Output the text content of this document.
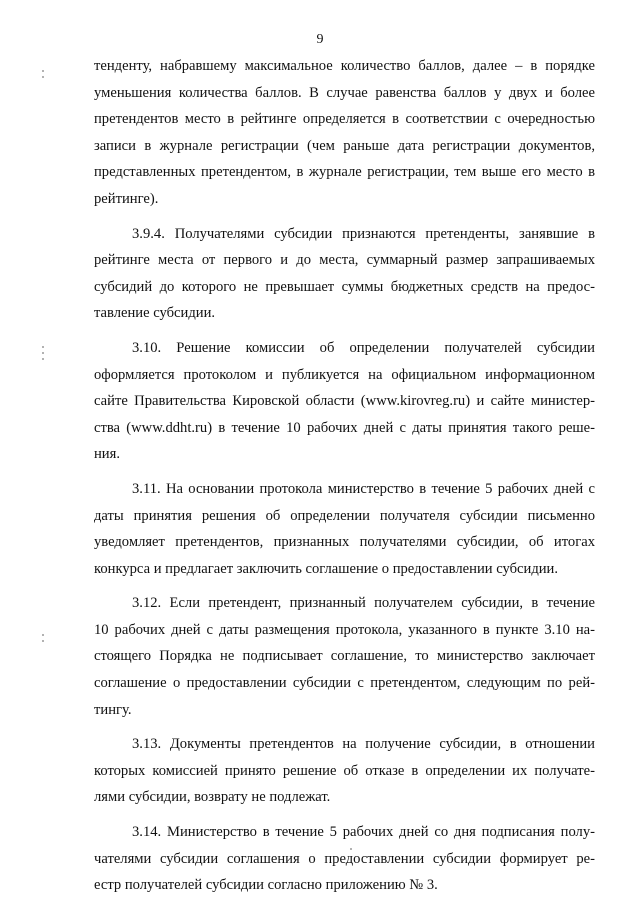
9
тенденту, набравшему максимальное количество баллов, далее – в порядке
уменьшения количества баллов. В случае равенства баллов у двух и более
претендентов место в рейтинге определяется в соответствии с очередностью
записи в журнале регистрации (чем раньше дата регистрации документов,
представленных претендентом, в журнале регистрации, тем выше его место в
рейтинге).
3.9.4. Получателями субсидии признаются претенденты, занявшие в
рейтинге места от первого и до места, суммарный размер запрашиваемых
субсидий до которого не превышает суммы бюджетных средств на предос-
тавление субсидии.
3.10. Решение комиссии об определении получателей субсидии
оформляется протоколом и публикуется на официальном информационном
сайте Правительства Кировской области (www.kirovreg.ru) и сайте министер-
ства (www.ddht.ru) в течение 10 рабочих дней с даты принятия такого реше-
ния.
3.11. На основании протокола министерство в течение 5 рабочих дней с
даты принятия решения об определении получателя субсидии письменно
уведомляет претендентов, признанных получателями субсидии, об итогах
конкурса и предлагает заключить соглашение о предоставлении субсидии.
3.12. Если претендент, признанный получателем субсидии, в течение
10 рабочих дней с даты размещения протокола, указанного в пункте 3.10 на-
стоящего Порядка не подписывает соглашение, то министерство заключает
соглашение о предоставлении субсидии с претендентом, следующим по рей-
тингу.
3.13. Документы претендентов на получение субсидии, в отношении
которых комиссией принято решение об отказе в определении их получате-
лями субсидии, возврату не подлежат.
3.14. Министерство в течение 5 рабочих дней со дня подписания полу-
чателями субсидии соглашения о предоставлении субсидии формирует ре-
естр получателей субсидии согласно приложению № 3.
